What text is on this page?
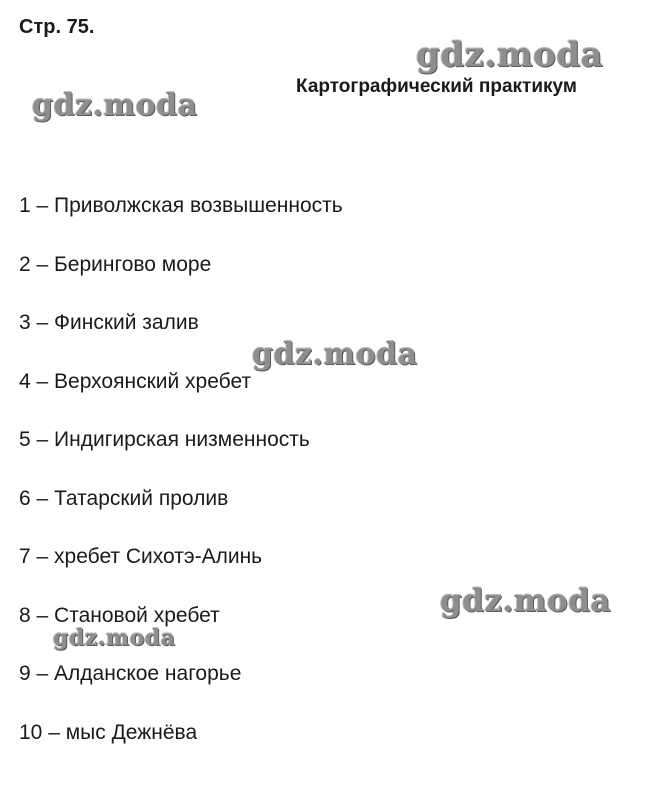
Стр. 75.
Картографический практикум
1 – Приволжская возвышенность
2 – Берингово море
3 – Финский залив
4 – Верхоянский хребет
5 – Индигирская низменность
6 – Татарский пролив
7 – хребет Сихотэ-Алинь
8 – Становой хребет
9 – Алданское нагорье
10 – мыс Дежнёва
gdz.moda
gdz.moda
gdz.moda
gdz.moda
gdz.moda
